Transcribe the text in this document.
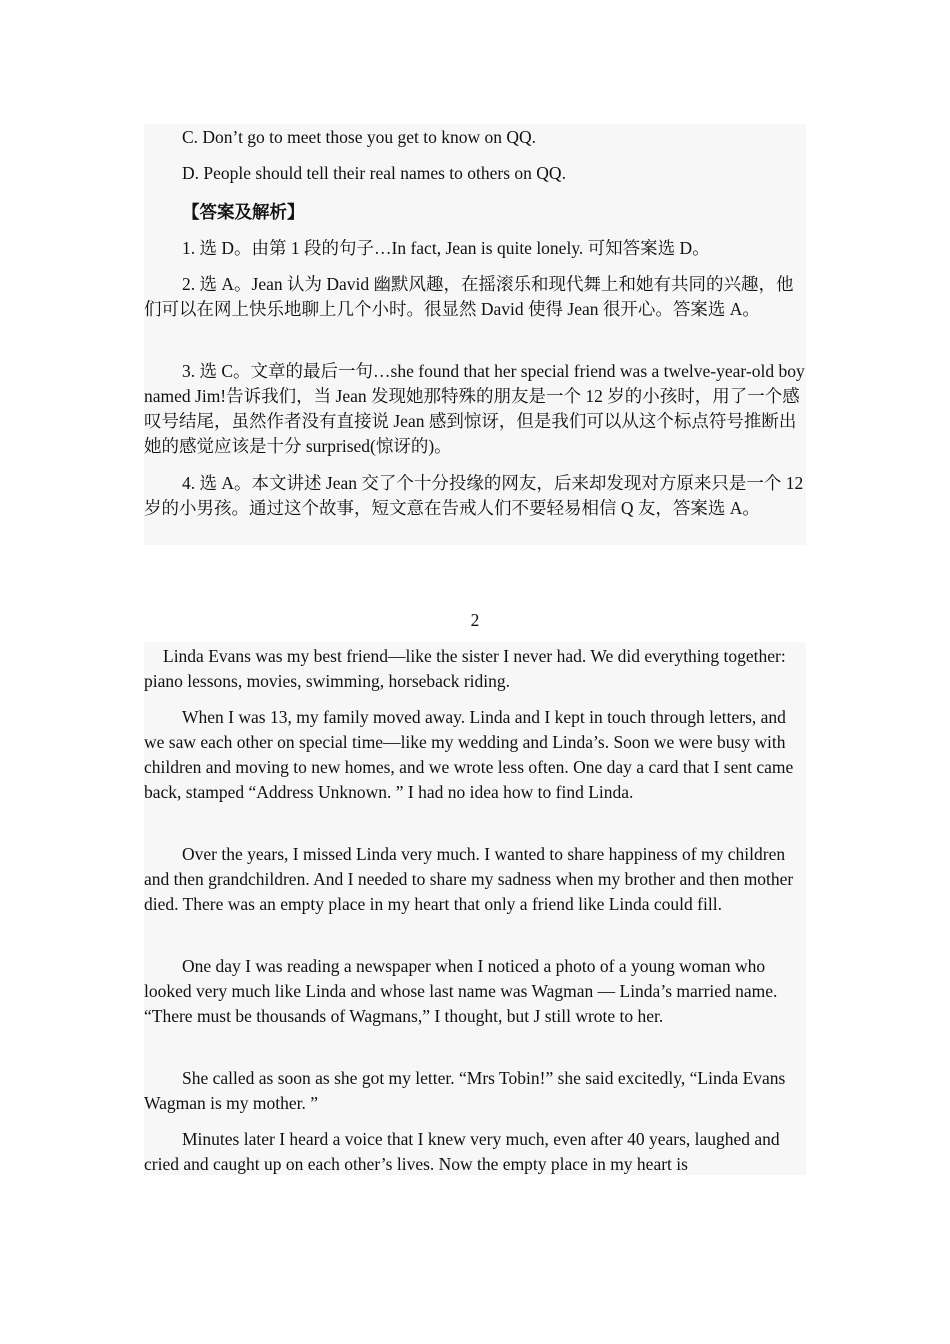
C. Don’t go to meet those you get to know on QQ.

D. People should tell their real names to others on QQ.

【答案及解析】

1. 选 D。由第 1 段的句子…In fact, Jean is quite lonely. 可知答案选 D。

2. 选 A。Jean 认为 David 幽默风趣，在摇滚乐和现代舞上和她有共同的兴趣，他们可以在网上快乐地聊上几个小时。很显然 David 使得 Jean 很开心。答案选 A。

3. 选 C。文章的最后一句…she found that her special friend was a twelve-year-old boy named Jim!告诉我们，当 Jean 发现她那特殊的朋友是一个 12 岁的小孩时，用了一个感叹号结尾，虽然作者没有直接说 Jean 感到惊讶，但是我们可以从这个标点符号推断出她的感觉应该是十分 surprised(惊讶的)。

4. 选 A。本文讲述 Jean 交了个十分投缘的网友，后来却发现对方原来只是一个 12 岁的小男孩。通过这个故事，短文意在告戒人们不要轻易相信 Q 友，答案选 A。

2

Linda Evans was my best friend—like the sister I never had. We did everything together: piano lessons, movies, swimming, horseback riding.

When I was 13, my family moved away. Linda and I kept in touch through letters, and we saw each other on special time—like my wedding and Linda’s. Soon we were busy with children and moving to new homes, and we wrote less often. One day a card that I sent came back, stamped “Address Unknown. ” I had no idea how to find Linda.

Over the years, I missed Linda very much. I wanted to share happiness of my children and then grandchildren. And I needed to share my sadness when my brother and then mother died. There was an empty place in my heart that only a friend like Linda could fill.

One day I was reading a newspaper when I noticed a photo of a young woman who looked very much like Linda and whose last name was Wagman — Linda’s married name. “There must be thousands of Wagmans,” I thought, but J still wrote to her.

She called as soon as she got my letter. “Mrs Tobin!” she said excitedly, “Linda Evans Wagman is my mother. ”

Minutes later I heard a voice that I knew very much, even after 40 years, laughed and cried and caught up on each other’s lives. Now the empty place in my heart is
